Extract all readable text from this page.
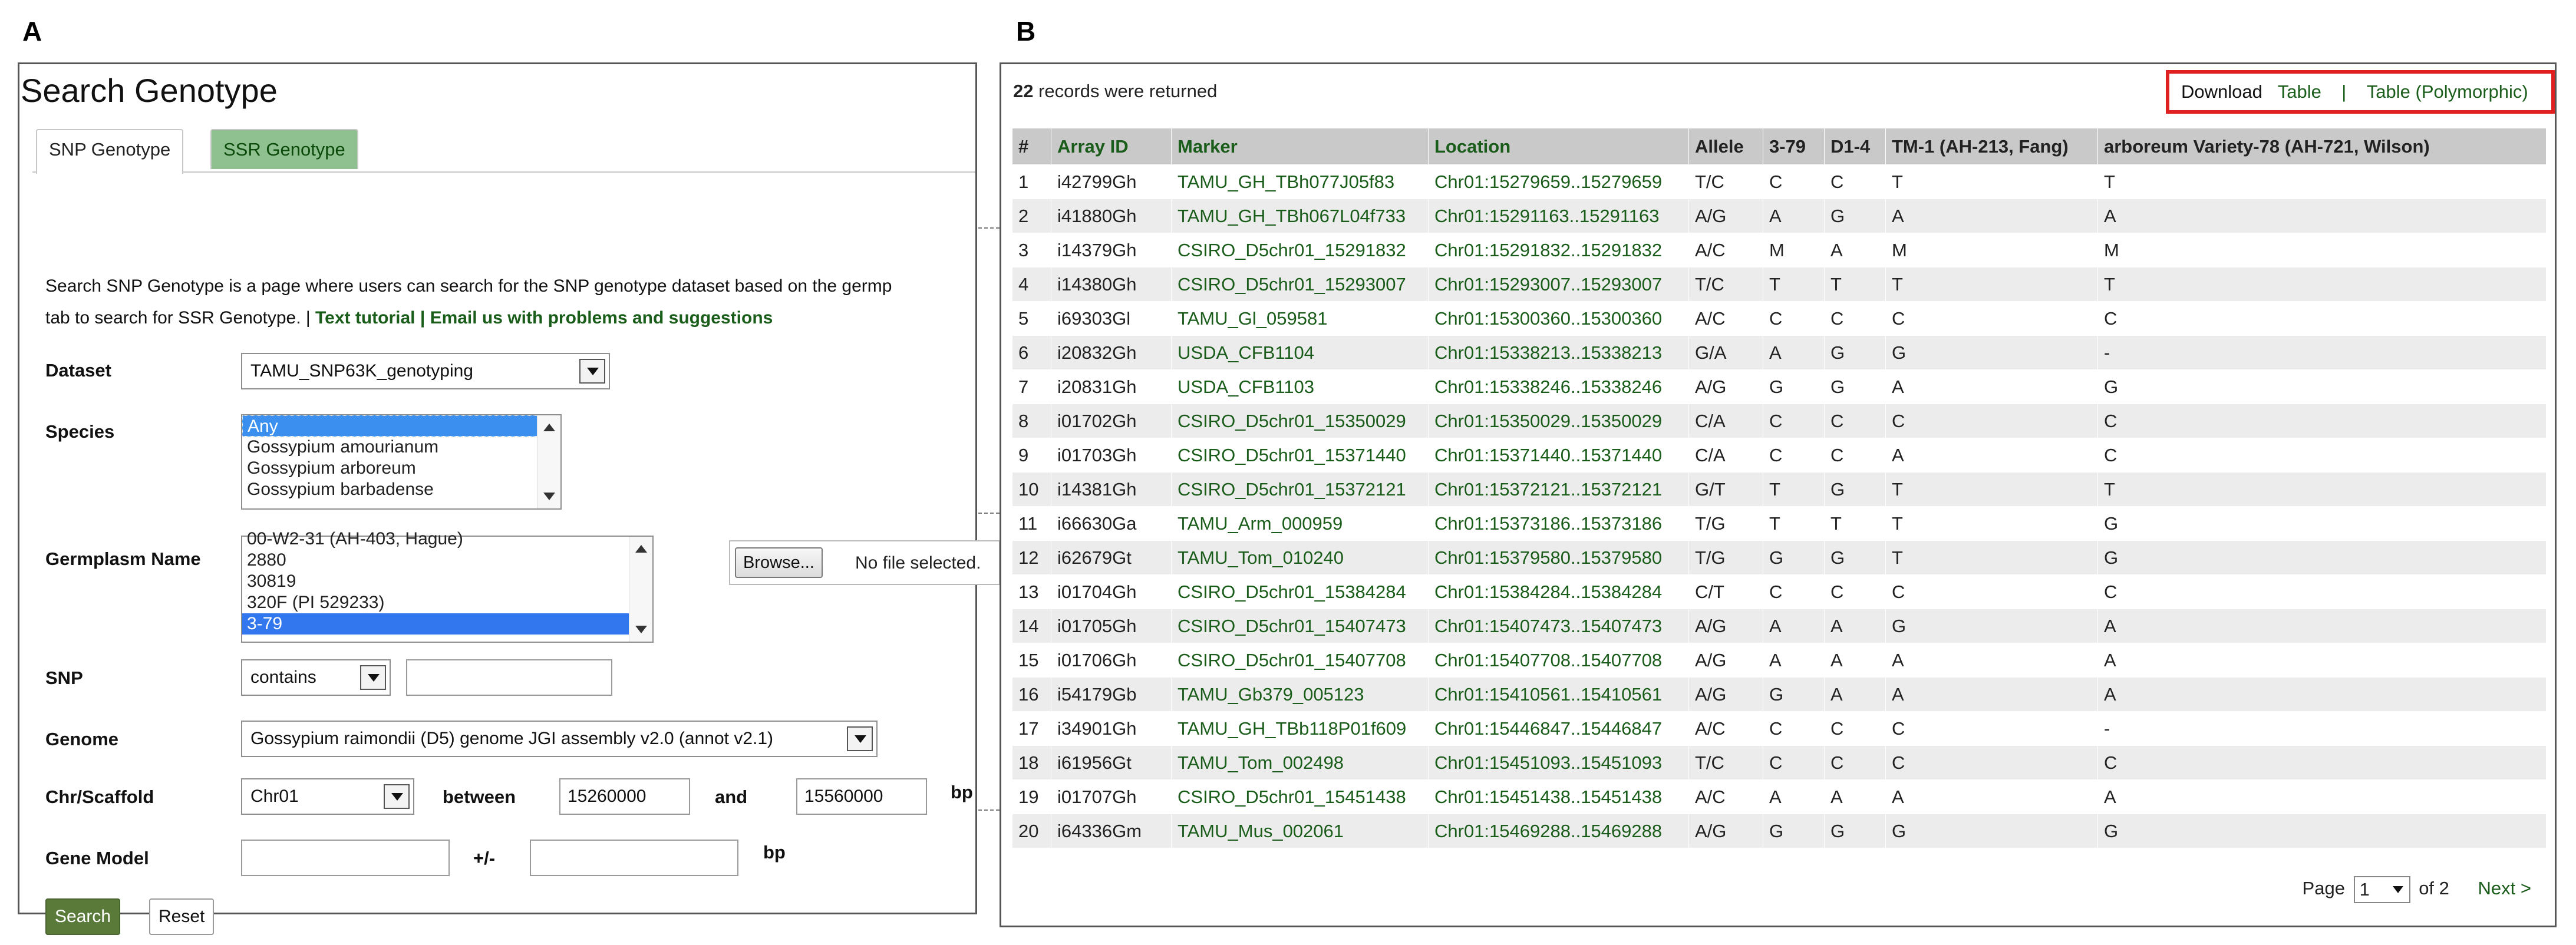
A	B
Search Genotype
SNP Genotype	SSR Genotype
Search SNP Genotype is a page where users can search for the SNP genotype dataset based on the germp
tab to search for SSR Genotype. | Text tutorial | Email us with problems and suggestions
Dataset	TAMU_SNP63K_genotyping
Species	Any
Gossypium amourianum
Gossypium arboreum
Gossypium barbadense
Germplasm Name
00-W2-31 (AH-403, Hague)
2880
30819
320F (PI 529233)
3-79
Browse...	No file selected.
SNP	contains
Genome	Gossypium raimondii (D5) genome JGI assembly v2.0 (annot v2.1)
Chr/Scaffold	Chr01	between	15260000	and	15560000	bp
Gene Model	+/-	bp
Search	Reset
22 records were returned	Download Table | Table (Polymorphic)
#	Array ID	Marker	Location	Allele	3-79	D1-4	TM-1 (AH-213, Fang)	arboreum Variety-78 (AH-721, Wilson)
1	i42799Gh	TAMU_GH_TBh077J05f83	Chr01:15279659..15279659	T/C	C	C	T	T
2	i41880Gh	TAMU_GH_TBh067L04f733	Chr01:15291163..15291163	A/G	A	G	A	A
3	i14379Gh	CSIRO_D5chr01_15291832	Chr01:15291832..15291832	A/C	M	A	M	M
4	i14380Gh	CSIRO_D5chr01_15293007	Chr01:15293007..15293007	T/C	T	T	T	T
5	i69303Gl	TAMU_Gl_059581	Chr01:15300360..15300360	A/C	C	C	C	C
6	i20832Gh	USDA_CFB1104	Chr01:15338213..15338213	G/A	A	G	G	-
7	i20831Gh	USDA_CFB1103	Chr01:15338246..15338246	A/G	G	G	A	G
8	i01702Gh	CSIRO_D5chr01_15350029	Chr01:15350029..15350029	C/A	C	C	C	C
9	i01703Gh	CSIRO_D5chr01_15371440	Chr01:15371440..15371440	C/A	C	C	A	C
10	i14381Gh	CSIRO_D5chr01_15372121	Chr01:15372121..15372121	G/T	T	G	T	T
11	i66630Ga	TAMU_Arm_000959	Chr01:15373186..15373186	T/G	T	T	T	G
12	i62679Gt	TAMU_Tom_010240	Chr01:15379580..15379580	T/G	G	G	T	G
13	i01704Gh	CSIRO_D5chr01_15384284	Chr01:15384284..15384284	C/T	C	C	C	C
14	i01705Gh	CSIRO_D5chr01_15407473	Chr01:15407473..15407473	A/G	A	A	G	A
15	i01706Gh	CSIRO_D5chr01_15407708	Chr01:15407708..15407708	A/G	A	A	A	A
16	i54179Gb	TAMU_Gb379_005123	Chr01:15410561..15410561	A/G	G	A	A	A
17	i34901Gh	TAMU_GH_TBb118P01f609	Chr01:15446847..15446847	A/C	C	C	C	-
18	i61956Gt	TAMU_Tom_002498	Chr01:15451093..15451093	T/C	C	C	C	C
19	i01707Gh	CSIRO_D5chr01_15451438	Chr01:15451438..15451438	A/C	A	A	A	A
20	i64336Gm	TAMU_Mus_002061	Chr01:15469288..15469288	A/G	G	G	G	G
Page 1	of 2 Next >
